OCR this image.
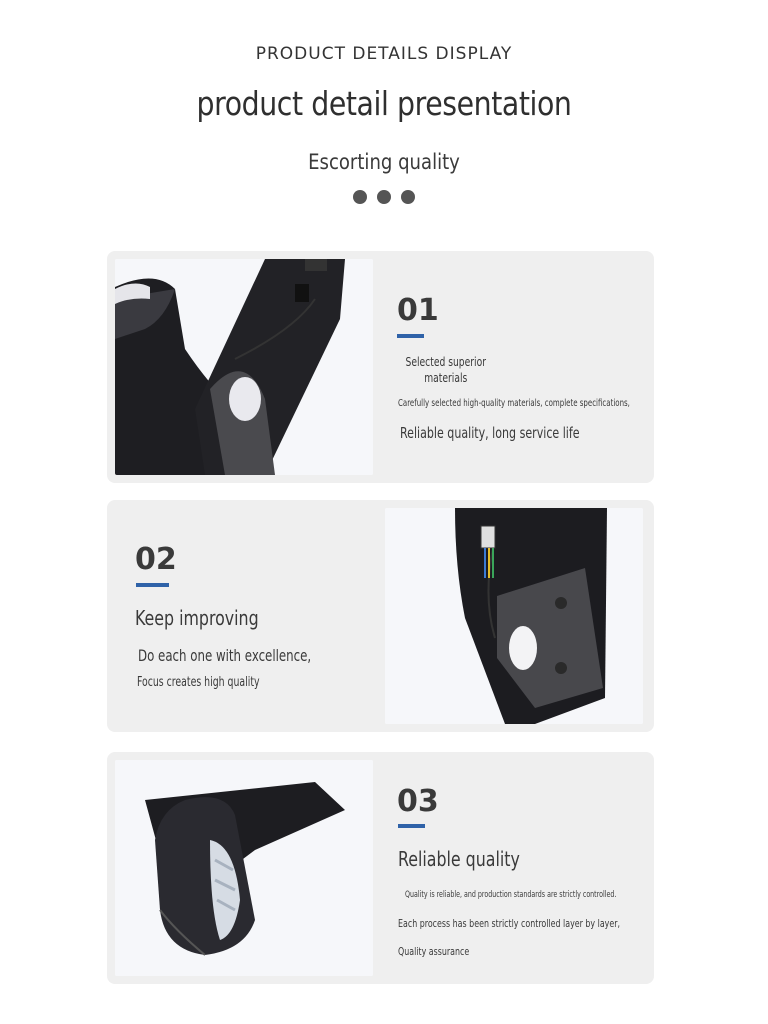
PRODUCT DETAILS DISPLAY
product detail presentation
Escorting quality
01
Selected superior materials
Carefully selected high-quality materials, complete specifications,
Reliable quality, long service life
02
Keep improving
Do each one with excellence,
Focus creates high quality
03
Reliable quality
Quality is reliable, and production standards are strictly controlled.
Each process has been strictly controlled layer by layer,
Quality assurance
